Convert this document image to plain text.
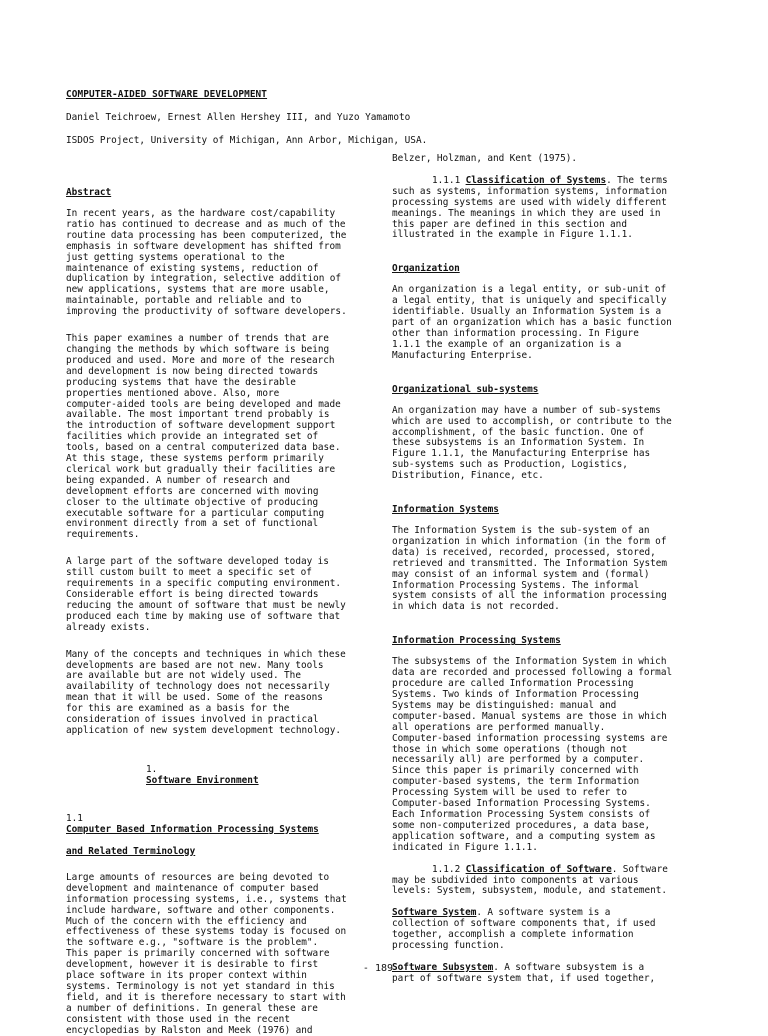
COMPUTER-AIDED SOFTWARE DEVELOPMENT
Daniel Teichroew, Ernest Allen Hershey III, and Yuzo Yamamoto
ISDOS Project, University of Michigan, Ann Arbor, Michigan, USA.

Abstract

In recent years, as the hardware cost/capability
ratio has continued to decrease and as much of the
routine data processing has been computerized, the
emphasis in software development has shifted from
just getting systems operational to the
maintenance of existing systems, reduction of
duplication by integration, selective addition of
new applications, systems that are more usable,
maintainable, portable and reliable and to
improving the productivity of software developers.

This paper examines a number of trends that are
changing the methods by which software is being
produced and used. More and more of the research
and development is now being directed towards
producing systems that have the desirable
properties mentioned above. Also, more
computer-aided tools are being developed and made
available. The most important trend probably is
the introduction of software development support
facilities which provide an integrated set of
tools, based on a central computerized data base.
At this stage, these systems perform primarily
clerical work but gradually their facilities are
being expanded. A number of research and
development efforts are concerned with moving
closer to the ultimate objective of producing
executable software for a particular computing
environment directly from a set of functional
requirements.

A large part of the software developed today is
still custom built to meet a specific set of
requirements in a specific computing environment.
Considerable effort is being directed towards
reducing the amount of software that must be newly
produced each time by making use of software that
already exists.

Many of the concepts and techniques in which these
developments are based are not new. Many tools
are available but are not widely used. The
availability of technology does not necessarily
mean that it will be used. Some of the reasons
for this are examined as a basis for the
consideration of issues involved in practical
application of new system development technology.

1.
Software Environment

1.1
Computer Based Information Processing Systems

and Related Terminology

Large amounts of resources are being devoted to
development and maintenance of computer based
information processing systems, i.e., systems that
include hardware, software and other components.
Much of the concern with the efficiency and
effectiveness of these systems today is focused on
the software e.g., "software is the problem".
This paper is primarily concerned with software
development, however it is desirable to first
place software in its proper context within
systems. Terminology is not yet standard in this
field, and it is therefore necessary to start with
a number of definitions. In general these are
consistent with those used in the recent
encyclopedias by Ralston and Meek (1976) and

Belzer, Holzman, and Kent (1975).

1.1.1 Classification of Systems. The terms
such as systems, information systems, information
processing systems are used with widely different
meanings. The meanings in which they are used in
this paper are defined in this section and
illustrated in the example in Figure 1.1.1.

Organization

An organization is a legal entity, or sub-unit of
a legal entity, that is uniquely and specifically
identifiable. Usually an Information System is a
part of an organization which has a basic function
other than information processing. In Figure
1.1.1 the example of an organization is a
Manufacturing Enterprise.

Organizational sub-systems

An organization may have a number of sub-systems
which are used to accomplish, or contribute to the
accomplishment, of the basic function. One of
these subsystems is an Information System. In
Figure 1.1.1, the Manufacturing Enterprise has
sub-systems such as Production, Logistics,
Distribution, Finance, etc.

Information Systems

The Information System is the sub-system of an
organization in which information (in the form of
data) is received, recorded, processed, stored,
retrieved and transmitted. The Information System
may consist of an informal system and (formal)
Information Processing Systems. The informal
system consists of all the information processing
in which data is not recorded.

Information Processing Systems

The subsystems of the Information System in which
data are recorded and processed following a formal
procedure are called Information Processing
Systems. Two kinds of Information Processing
Systems may be distinguished: manual and
computer-based. Manual systems are those in which
all operations are performed manually.
Computer-based information processing systems are
those in which some operations (though not
necessarily all) are performed by a computer.
Since this paper is primarily concerned with
computer-based systems, the term Information
Processing System will be used to refer to
Computer-based Information Processing Systems.
Each Information Processing System consists of
some non-computerized procedures, a data base,
application software, and a computing system as
indicated in Figure 1.1.1.

1.1.2 Classification of Software. Software
may be subdivided into components at various
levels: System, subsystem, module, and statement.

Software System. A software system is a
collection of software components that, if used
together, accomplish a complete information
processing function.

Software Subsystem. A software subsystem is a
part of software system that, if used together,

- 189 -
